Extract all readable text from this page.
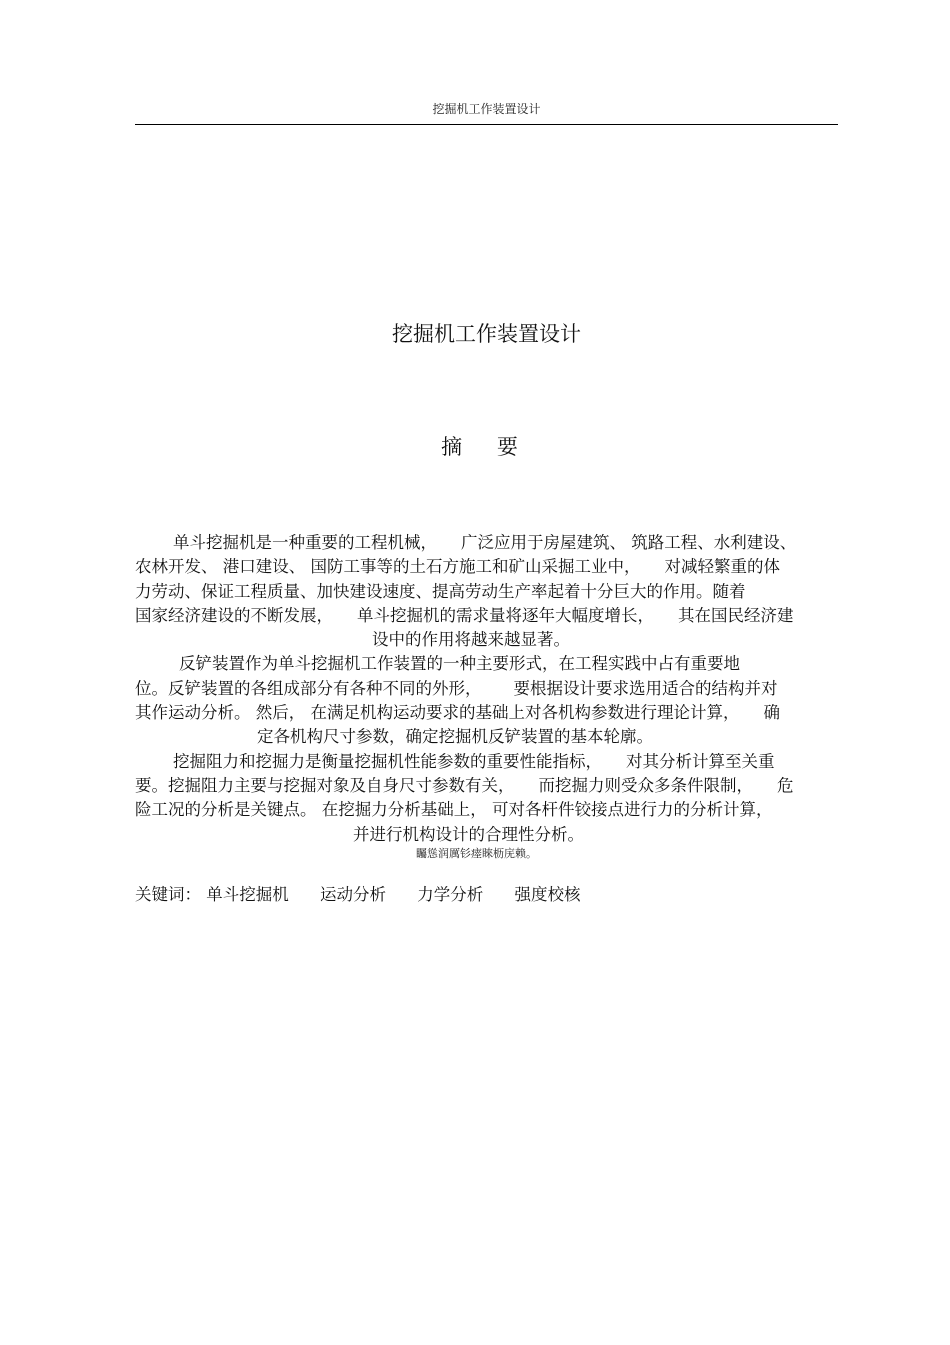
挖掘机工作装置设计
挖掘机工作装置设计
摘 要
单斗挖掘机是一种重要的工程机械， 广泛应用于房屋建筑、 筑路工程、水利建设、
农林开发、 港口建设、 国防工事等的土石方施工和矿山采掘工业中， 对减轻繁重的体
力劳动、保证工程质量、加快建设速度、提高劳动生产率起着十分巨大的作用。随着
国家经济建设的不断发展， 单斗挖掘机的需求量将逐年大幅度增长， 其在国民经济建
设中的作用将越来越显著。
反铲装置作为单斗挖掘机工作装置的一种主要形式，在工程实践中占有重要地
位。反铲装置的各组成部分有各种不同的外形， 要根据设计要求选用适合的结构并对
其作运动分析。 然后， 在满足机构运动要求的基础上对各机构参数进行理论计算， 确
定各机构尺寸参数，确定挖掘机反铲装置的基本轮廓。
挖掘阻力和挖掘力是衡量挖掘机性能参数的重要性能指标， 对其分析计算至关重
要。挖掘阻力主要与挖掘对象及自身尺寸参数有关， 而挖掘力则受众多条件限制， 危
险工况的分析是关键点。 在挖掘力分析基础上， 可对各杆件铰接点进行力的分析计算，
并进行机构设计的合理性分析。
矚慫润厲钐瘗睞枥庑赖。
关键词： 单斗挖掘机 运动分析 力学分析 强度校核
